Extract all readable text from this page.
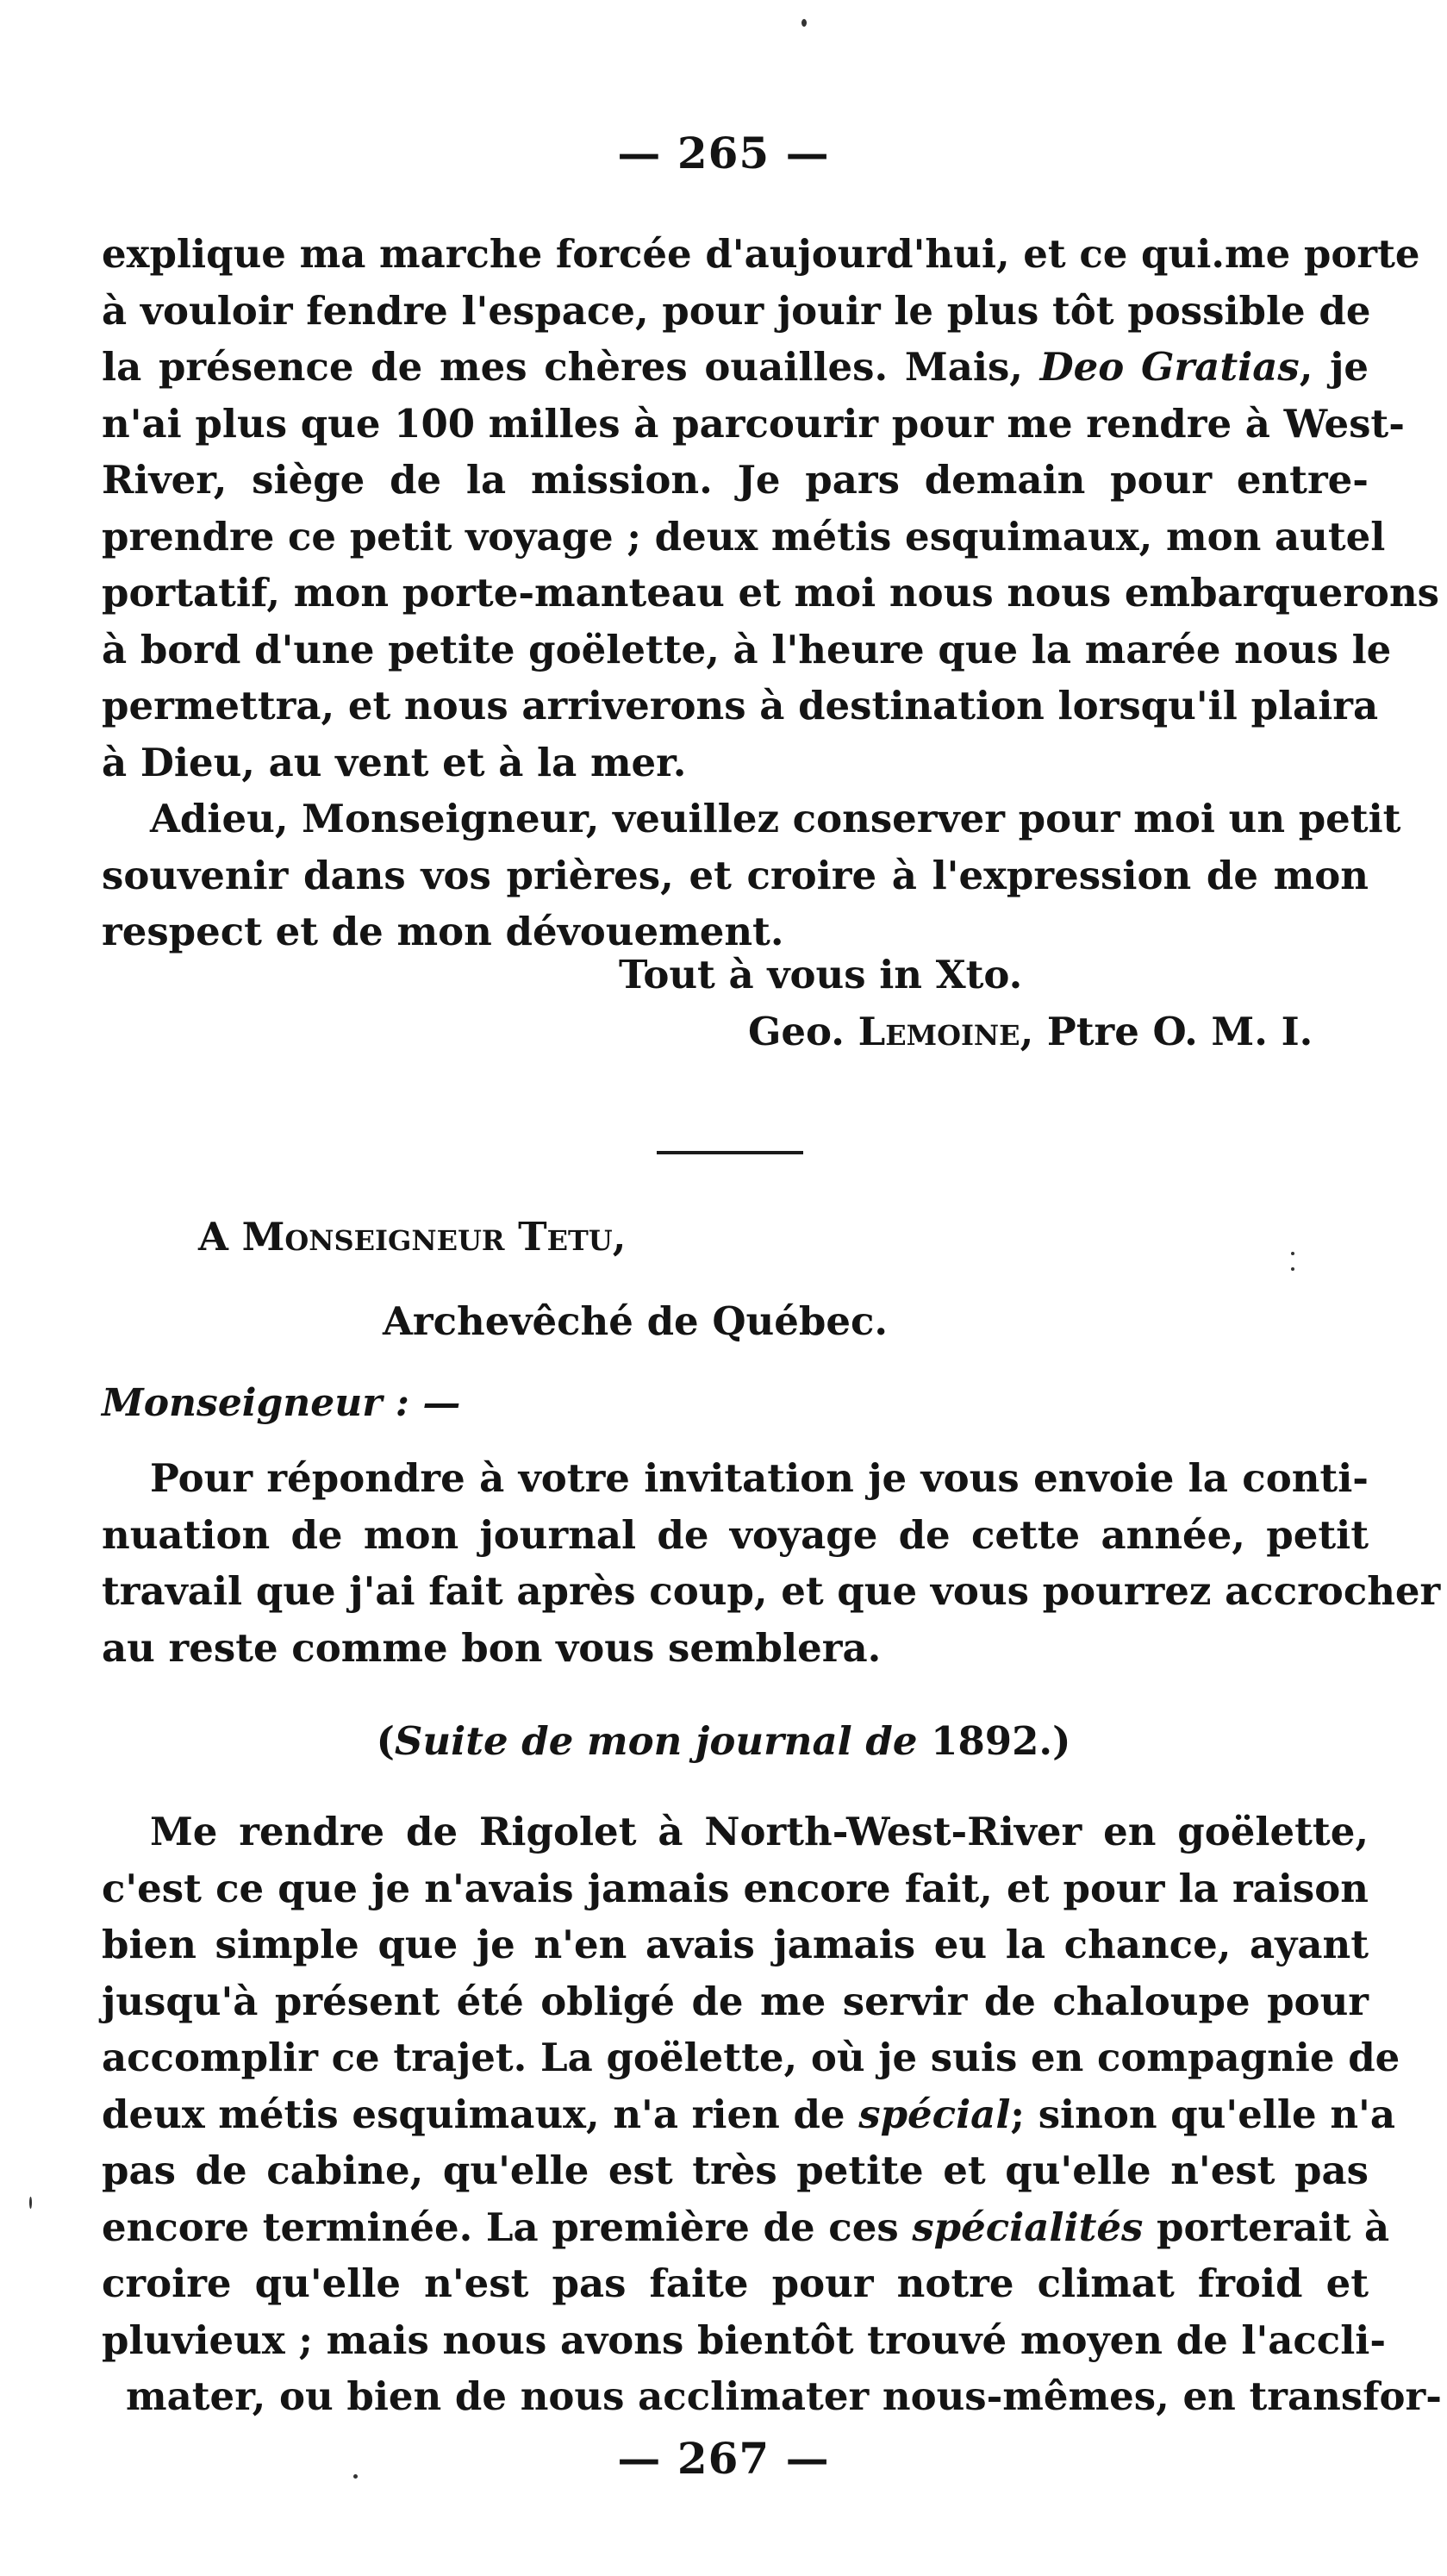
— 265 —
explique ma marche forcée d'aujourd'hui, et ce qui.me porte
à vouloir fendre l'espace, pour jouir le plus tôt possible de
la présence de mes chères ouailles. Mais, Deo Gratias, je
n'ai plus que 100 milles à parcourir pour me rendre à West-
River, siège de la mission. Je pars demain pour entre-
prendre ce petit voyage ; deux métis esquimaux, mon autel
portatif, mon porte-manteau et moi nous nous embarquerons
à bord d'une petite goëlette, à l'heure que la marée nous le
permettra, et nous arriverons à destination lorsqu'il plaira
à Dieu, au vent et à la mer.
Adieu, Monseigneur, veuillez conserver pour moi un petit
souvenir dans vos prières, et croire à l'expression de mon
respect et de mon dévouement.
Tout à vous in Xto.
Geo. Lemoine, Ptre O. M. I.
A Monseigneur Tetu,
Archevêché de Québec.
Monseigneur : —
Pour répondre à votre invitation je vous envoie la conti-
nuation de mon journal de voyage de cette année, petit
travail que j'ai fait après coup, et que vous pourrez accrocher
au reste comme bon vous semblera.
(Suite de mon journal de 1892.)
Me rendre de Rigolet à North-West-River en goëlette,
c'est ce que je n'avais jamais encore fait, et pour la raison
bien simple que je n'en avais jamais eu la chance, ayant
jusqu'à présent été obligé de me servir de chaloupe pour
accomplir ce trajet. La goëlette, où je suis en compagnie de
deux métis esquimaux, n'a rien de spécial; sinon qu'elle n'a
pas de cabine, qu'elle est très petite et qu'elle n'est pas
encore terminée. La première de ces spécialités porterait à
croire qu'elle n'est pas faite pour notre climat froid et
pluvieux ; mais nous avons bientôt trouvé moyen de l'accli-
mater, ou bien de nous acclimater nous-mêmes, en transfor-
— 267 —
